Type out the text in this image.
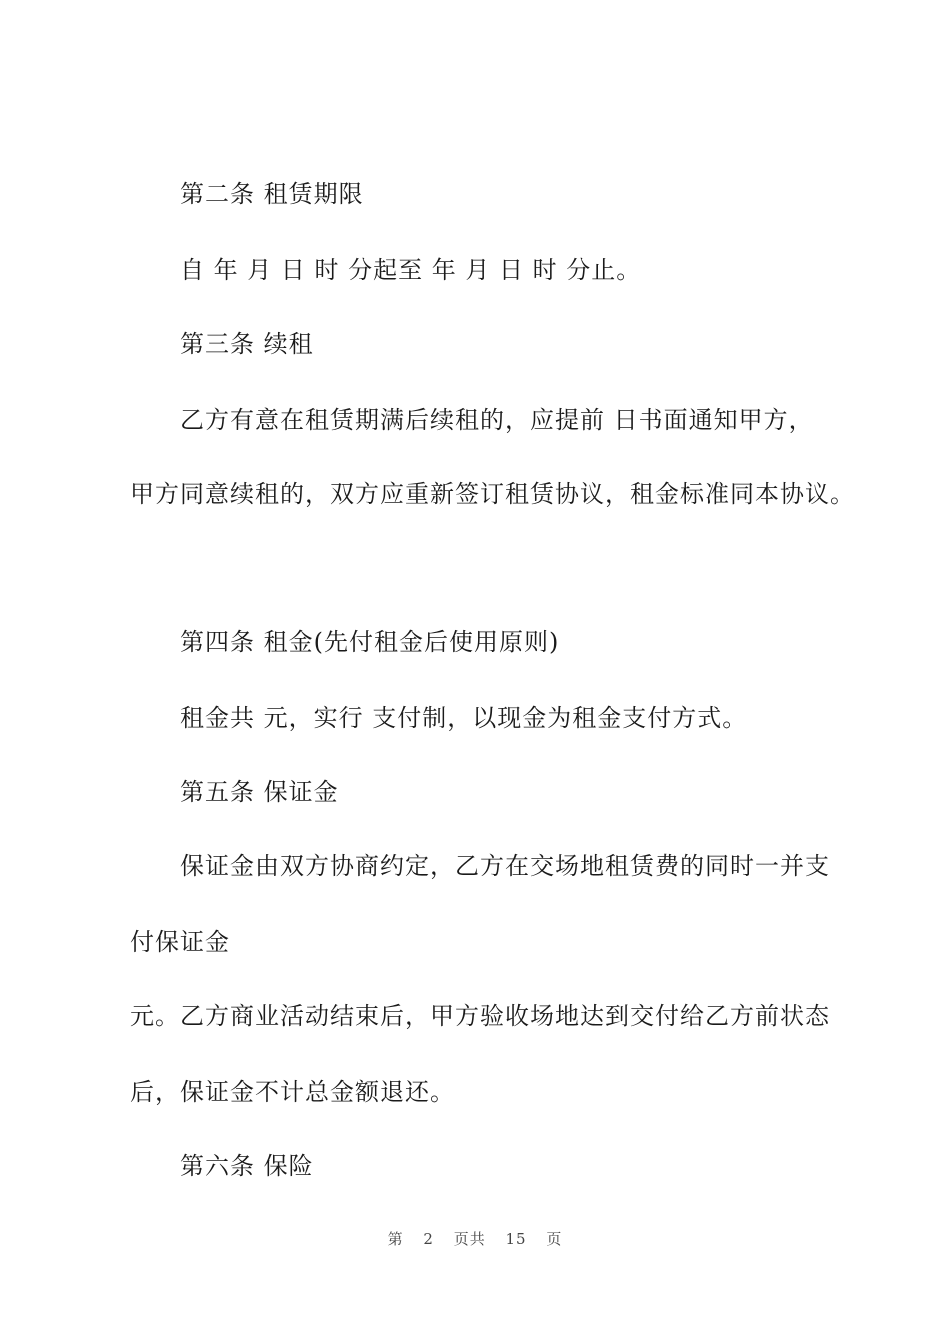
第二条 租赁期限
自 年 月 日 时 分起至 年 月 日 时 分止。
第三条 续租
乙方有意在租赁期满后续租的，应提前 日书面通知甲方，
甲方同意续租的，双方应重新签订租赁协议，租金标准同本协议。
第四条 租金(先付租金后使用原则)
租金共 元，实行 支付制，以现金为租金支付方式。
第五条 保证金
保证金由双方协商约定，乙方在交场地租赁费的同时一并支
付保证金
元。乙方商业活动结束后，甲方验收场地达到交付给乙方前状态
后，保证金不计总金额退还。
第六条 保险
第 2 页共 15 页
